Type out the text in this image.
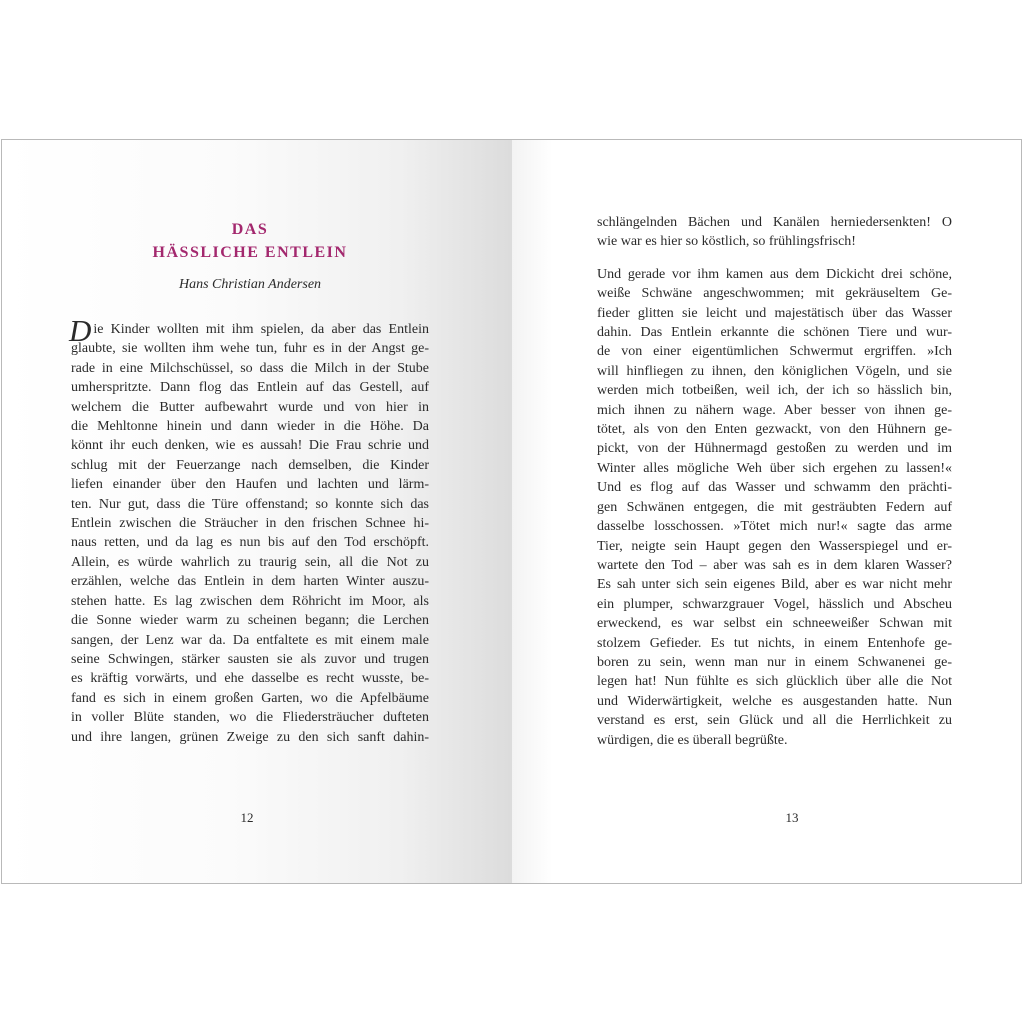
DAS
HÄSSLICHE ENTLEIN
Hans Christian Andersen
Die Kinder wollten mit ihm spielen, da aber das Entlein
glaubte, sie wollten ihm wehe tun, fuhr es in der Angst ge-
rade in eine Milchschüssel, so dass die Milch in der Stube
umherspritzte. Dann flog das Entlein auf das Gestell, auf
welchem die Butter aufbewahrt wurde und von hier in
die Mehltonne hinein und dann wieder in die Höhe. Da
könnt ihr euch denken, wie es aussah! Die Frau schrie und
schlug mit der Feuerzange nach demselben, die Kinder
liefen einander über den Haufen und lachten und lärm-
ten. Nur gut, dass die Türe offenstand; so konnte sich das
Entlein zwischen die Sträucher in den frischen Schnee hi-
naus retten, und da lag es nun bis auf den Tod erschöpft.
Allein, es würde wahrlich zu traurig sein, all die Not zu
erzählen, welche das Entlein in dem harten Winter auszu-
stehen hatte. Es lag zwischen dem Röhricht im Moor, als
die Sonne wieder warm zu scheinen begann; die Lerchen
sangen, der Lenz war da. Da entfaltete es mit einem male
seine Schwingen, stärker sausten sie als zuvor und trugen
es kräftig vorwärts, und ehe dasselbe es recht wusste, be-
fand es sich in einem großen Garten, wo die Apfelbäume
in voller Blüte standen, wo die Fliedersträucher dufteten
und ihre langen, grünen Zweige zu den sich sanft dahin-
12
schlängelnden Bächen und Kanälen herniedersenkten! O
wie war es hier so köstlich, so frühlingsfrisch!
Und gerade vor ihm kamen aus dem Dickicht drei schöne,
weiße Schwäne angeschwommen; mit gekräuseltem Ge-
fieder glitten sie leicht und majestätisch über das Wasser
dahin. Das Entlein erkannte die schönen Tiere und wur-
de von einer eigentümlichen Schwermut ergriffen. »Ich
will hinfliegen zu ihnen, den königlichen Vögeln, und sie
werden mich totbeißen, weil ich, der ich so hässlich bin,
mich ihnen zu nähern wage. Aber besser von ihnen ge-
tötet, als von den Enten gezwackt, von den Hühnern ge-
pickt, von der Hühnermagd gestoßen zu werden und im
Winter alles mögliche Weh über sich ergehen zu lassen!«
Und es flog auf das Wasser und schwamm den prächti-
gen Schwänen entgegen, die mit gesträubten Federn auf
dasselbe losschossen. »Tötet mich nur!« sagte das arme
Tier, neigte sein Haupt gegen den Wasserspiegel und er-
wartete den Tod – aber was sah es in dem klaren Wasser?
Es sah unter sich sein eigenes Bild, aber es war nicht mehr
ein plumper, schwarzgrauer Vogel, hässlich und Abscheu
erweckend, es war selbst ein schneeweißer Schwan mit
stolzem Gefieder. Es tut nichts, in einem Entenhofe ge-
boren zu sein, wenn man nur in einem Schwanenei ge-
legen hat! Nun fühlte es sich glücklich über alle die Not
und Widerwärtigkeit, welche es ausgestanden hatte. Nun
verstand es erst, sein Glück und all die Herrlichkeit zu
würdigen, die es überall begrüßte.
13
